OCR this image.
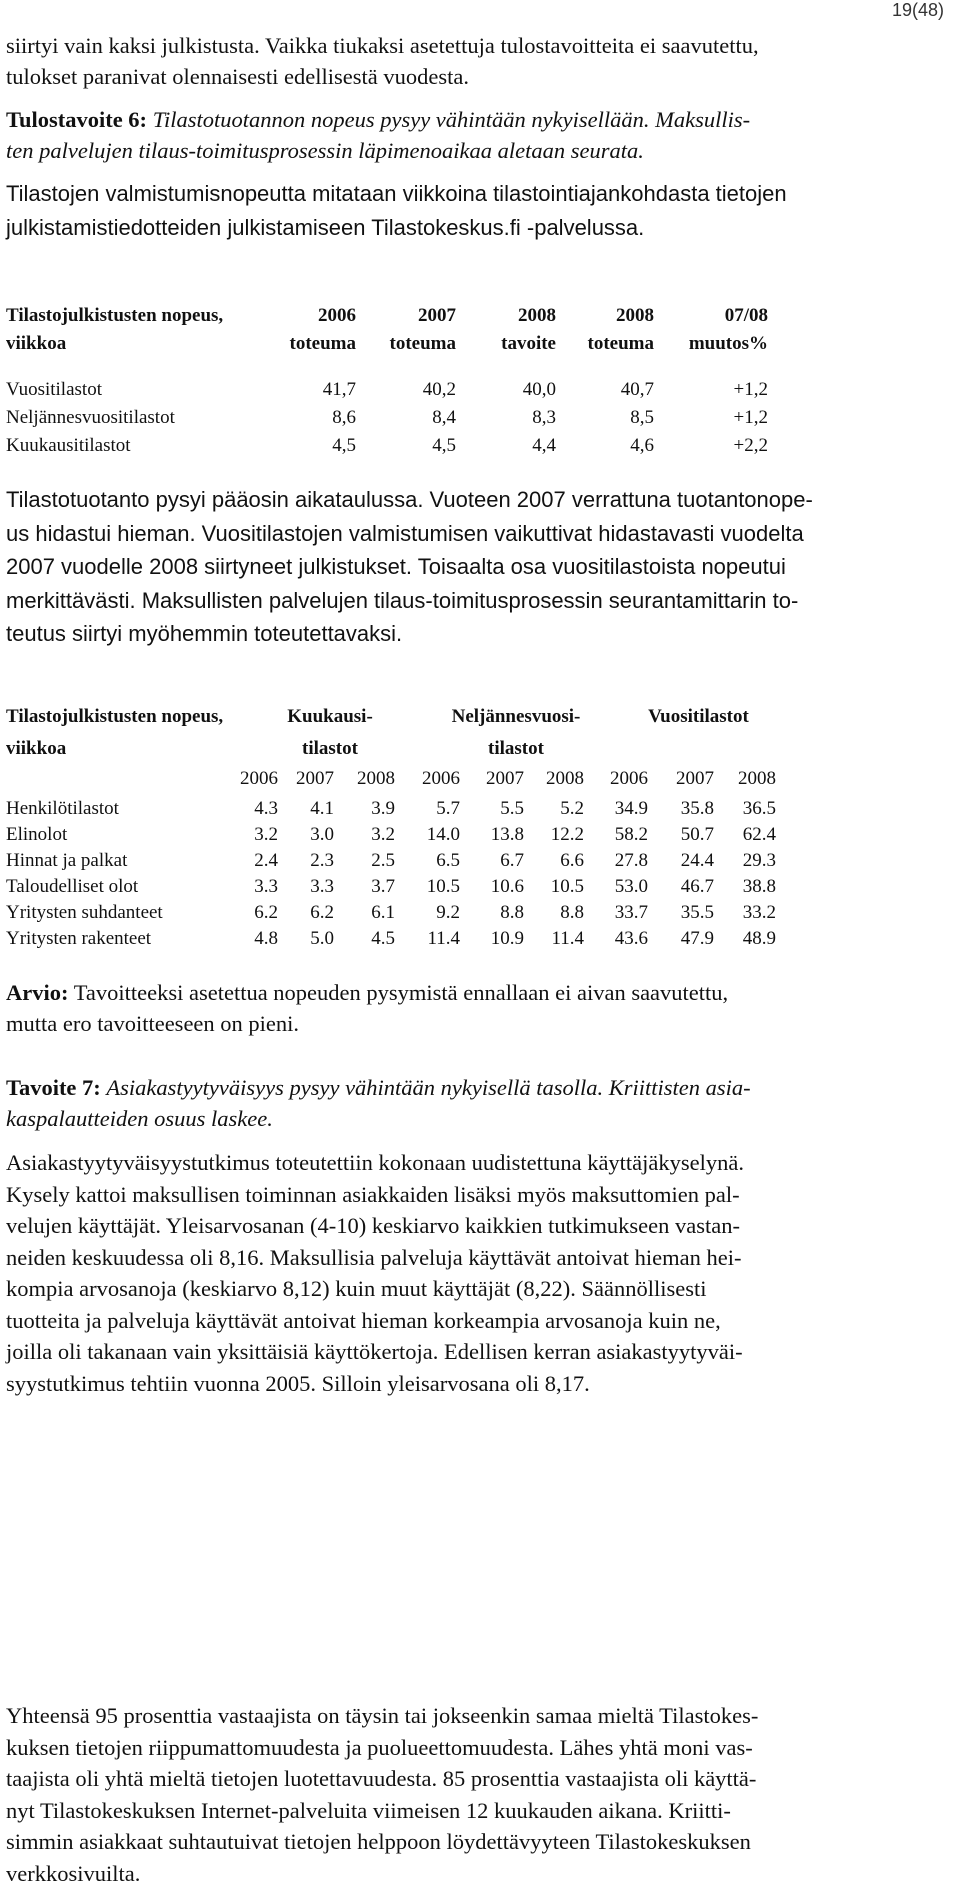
19(48)
siirtyi vain kaksi julkistusta. Vaikka tiukaksi asetettuja tulostavoitteita ei saavutettu,
tulokset paranivat olennaisesti edellisestä vuodesta.
Tulostavoite 6: Tilastotuotannon nopeus pysyy vähintään nykyisellään. Maksullis-
ten palvelujen tilaus-toimitusprosessin läpimenoaikaa aletaan seurata.
Tilastojen valmistumisnopeutta mitataan viikkoina tilastointiajankohdasta tietojen
julkistamistiedotteiden julkistamiseen Tilastokeskus.fi -palvelussa.
Tilastojulkistusten nopeus,	2006	2007	2008	2008	07/08
viikkoa	toteuma	toteuma	tavoite	toteuma	muutos%
Vuositilastot	41,7	40,2	40,0	40,7	+1,2
Neljännesvuositilastot	8,6	8,4	8,3	8,5	+1,2
Kuukausitilastot	4,5	4,5	4,4	4,6	+2,2
Tilastotuotanto pysyi pääosin aikataulussa. Vuoteen 2007 verrattuna tuotantonope-
us hidastui hieman. Vuositilastojen valmistumisen vaikuttivat hidastavasti vuodelta
2007 vuodelle 2008 siirtyneet julkistukset. Toisaalta osa vuositilastoista nopeutui
merkittävästi. Maksullisten palvelujen tilaus-toimitusprosessin seurantamittarin to-
teutus siirtyi myöhemmin toteutettavaksi.
Tilastojulkistusten nopeus,
viikkoa
Kuukausi-
tilastot
Neljännesvuosi-
tilastot
Vuositilastot
2006 2007	2008	2006	2007	2008	2006	2007	2008
Henkilötilastot	4.3	4.1	3.9	5.7	5.5	5.2	34.9	35.8	36.5
Elinolot	3.2	3.0	3.2	14.0	13.8	12.2	58.2	50.7	62.4
Hinnat ja palkat	2.4	2.3	2.5	6.5	6.7	6.6	27.8	24.4	29.3
Taloudelliset olot	3.3	3.3	3.7	10.5	10.6	10.5	53.0	46.7	38.8
Yritysten suhdanteet	6.2	6.2	6.1	9.2	8.8	8.8	33.7	35.5	33.2
Yritysten rakenteet	4.8	5.0	4.5	11.4	10.9	11.4	43.6	47.9	48.9
Arvio: Tavoitteeksi asetettua nopeuden pysymistä ennallaan ei aivan saavutettu,
mutta ero tavoitteeseen on pieni.
Tavoite 7: Asiakastyytyväisyys pysyy vähintään nykyisellä tasolla. Kriittisten asia-
kaspalautteiden osuus laskee.
Asiakastyytyväisyystutkimus toteutettiin kokonaan uudistettuna käyttäjäkyselynä.
Kysely kattoi maksullisen toiminnan asiakkaiden lisäksi myös maksuttomien pal-
velujen käyttäjät. Yleisarvosanan (4-10) keskiarvo kaikkien tutkimukseen vastan-
neiden keskuudessa oli 8,16. Maksullisia palveluja käyttävät antoivat hieman hei-
kompia arvosanoja (keskiarvo 8,12) kuin muut käyttäjät (8,22). Säännöllisesti
tuotteita ja palveluja käyttävät antoivat hieman korkeampia arvosanoja kuin ne,
joilla oli takanaan vain yksittäisiä käyttökertoja. Edellisen kerran asiakastyytyväi-
syystutkimus tehtiin vuonna 2005. Silloin yleisarvosana oli 8,17.
Yhteensä 95 prosenttia vastaajista on täysin tai jokseenkin samaa mieltä Tilastokes-
kuksen tietojen riippumattomuudesta ja puolueettomuudesta. Lähes yhtä moni vas-
taajista oli yhtä mieltä tietojen luotettavuudesta. 85 prosenttia vastaajista oli käyttä-
nyt Tilastokeskuksen Internet-palveluita viimeisen 12 kuukauden aikana. Kriitti-
simmin asiakkaat suhtautuivat tietojen helppoon löydettävyyteen Tilastokeskuksen
verkkosivuilta.
